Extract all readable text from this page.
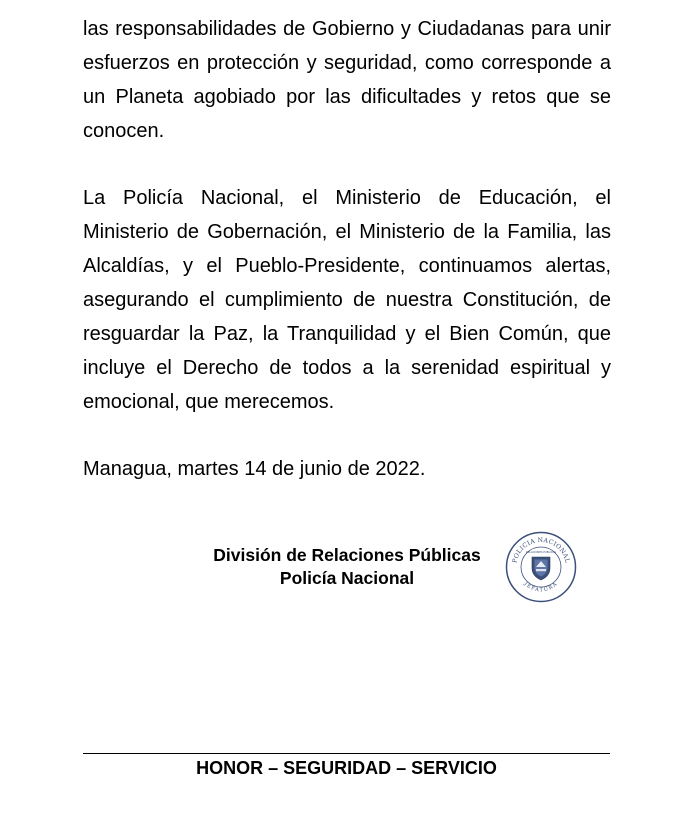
las responsabilidades de Gobierno y Ciudadanas para unir esfuerzos en protección y seguridad, como corresponde a un Planeta agobiado por las dificultades y retos que se conocen.

La Policía Nacional, el Ministerio de Educación, el Ministerio de Gobernación, el Ministerio de la Familia, las Alcaldías, y el Pueblo-Presidente, continuamos alertas, asegurando el cumplimiento de nuestra Constitución, de resguardar la Paz, la Tranquilidad y el Bien Común, que incluye el Derecho de todos a la serenidad espiritual y emocional, que merecemos.

Managua, martes 14 de junio de 2022.

División de Relaciones Públicas
Policía Nacional
POLICIA NACIONAL
JEFATURA
RELACIONES PUBLICAS
HONOR – SEGURIDAD – SERVICIO
